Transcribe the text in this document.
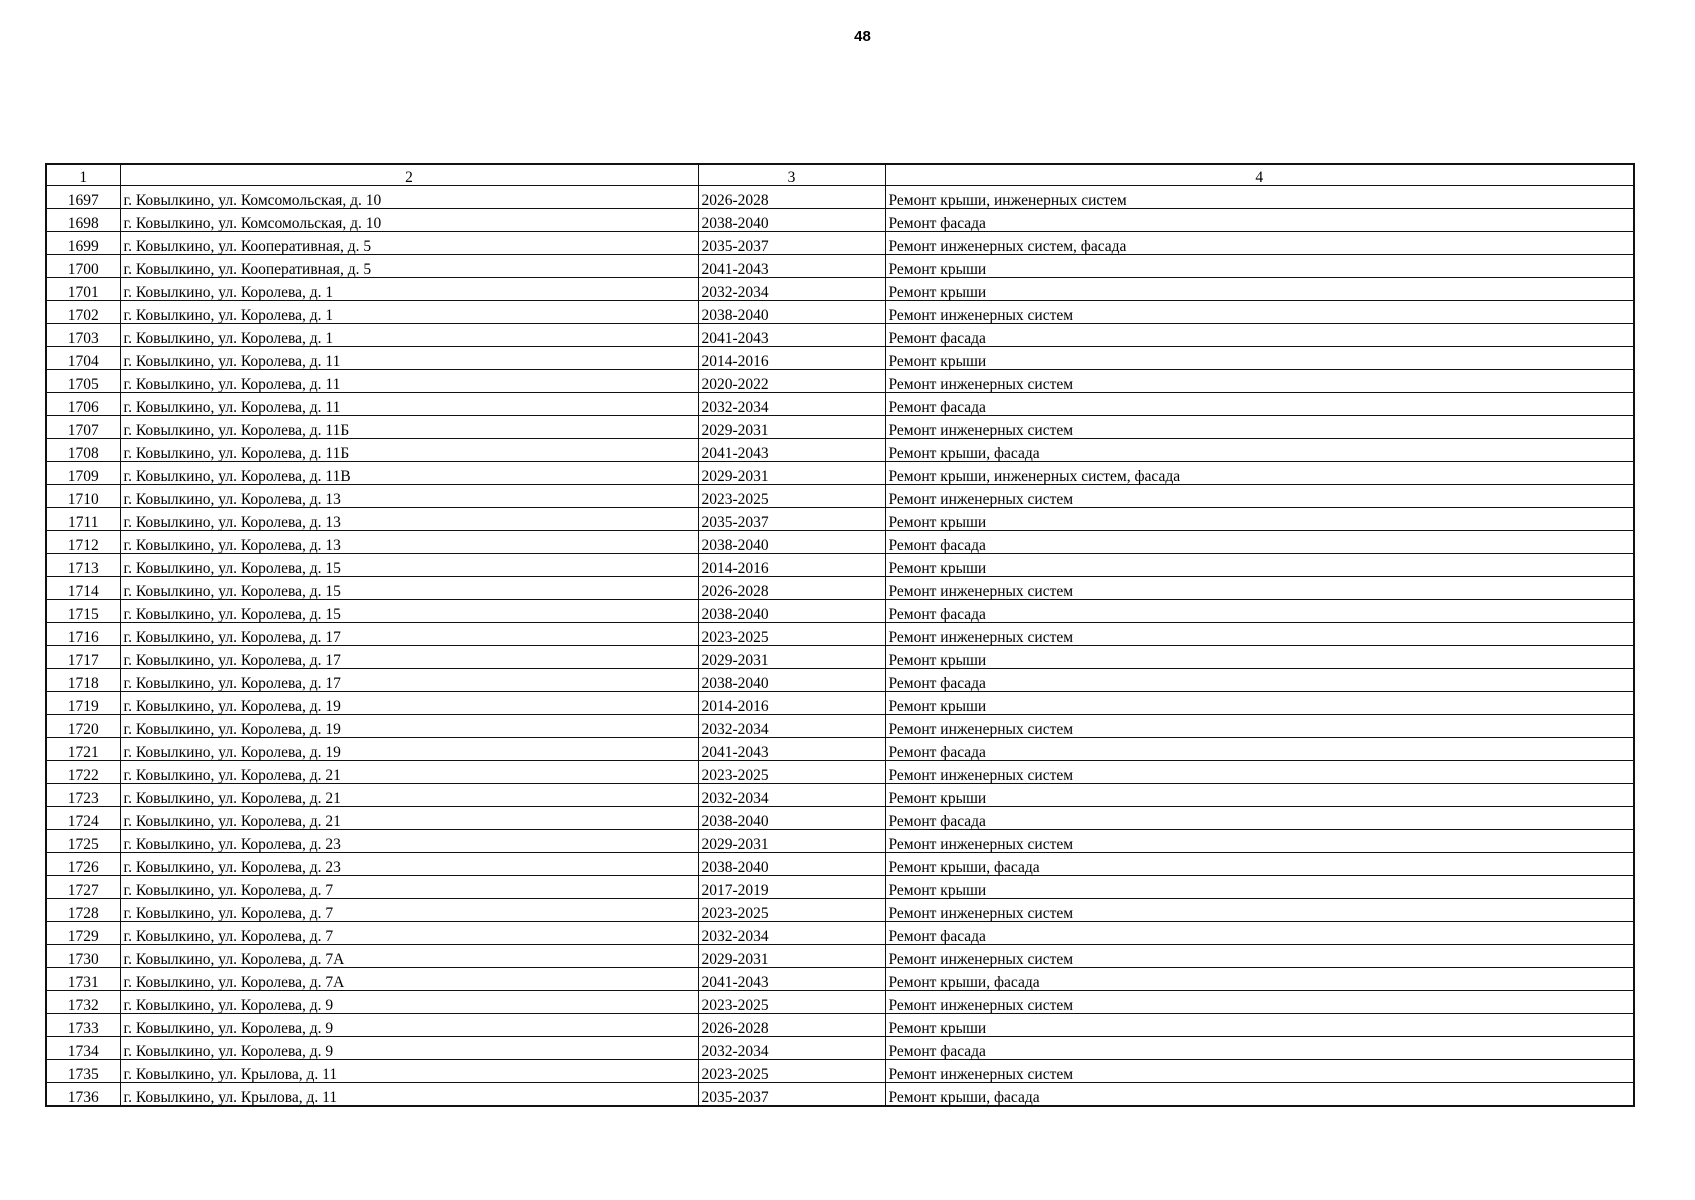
48
1	2	3	4
1697	г. Ковылкино, ул. Комсомольская, д. 10	2026-2028	Ремонт крыши, инженерных систем
1698	г. Ковылкино, ул. Комсомольская, д. 10	2038-2040	Ремонт фасада
1699	г. Ковылкино, ул. Кооперативная, д. 5	2035-2037	Ремонт инженерных систем, фасада
1700	г. Ковылкино, ул. Кооперативная, д. 5	2041-2043	Ремонт крыши
1701	г. Ковылкино, ул. Королева, д. 1	2032-2034	Ремонт крыши
1702	г. Ковылкино, ул. Королева, д. 1	2038-2040	Ремонт инженерных систем
1703	г. Ковылкино, ул. Королева, д. 1	2041-2043	Ремонт фасада
1704	г. Ковылкино, ул. Королева, д. 11	2014-2016	Ремонт крыши
1705	г. Ковылкино, ул. Королева, д. 11	2020-2022	Ремонт инженерных систем
1706	г. Ковылкино, ул. Королева, д. 11	2032-2034	Ремонт фасада
1707	г. Ковылкино, ул. Королева, д. 11Б	2029-2031	Ремонт инженерных систем
1708	г. Ковылкино, ул. Королева, д. 11Б	2041-2043	Ремонт крыши, фасада
1709	г. Ковылкино, ул. Королева, д. 11В	2029-2031	Ремонт крыши, инженерных систем, фасада
1710	г. Ковылкино, ул. Королева, д. 13	2023-2025	Ремонт инженерных систем
1711	г. Ковылкино, ул. Королева, д. 13	2035-2037	Ремонт крыши
1712	г. Ковылкино, ул. Королева, д. 13	2038-2040	Ремонт фасада
1713	г. Ковылкино, ул. Королева, д. 15	2014-2016	Ремонт крыши
1714	г. Ковылкино, ул. Королева, д. 15	2026-2028	Ремонт инженерных систем
1715	г. Ковылкино, ул. Королева, д. 15	2038-2040	Ремонт фасада
1716	г. Ковылкино, ул. Королева, д. 17	2023-2025	Ремонт инженерных систем
1717	г. Ковылкино, ул. Королева, д. 17	2029-2031	Ремонт крыши
1718	г. Ковылкино, ул. Королева, д. 17	2038-2040	Ремонт фасада
1719	г. Ковылкино, ул. Королева, д. 19	2014-2016	Ремонт крыши
1720	г. Ковылкино, ул. Королева, д. 19	2032-2034	Ремонт инженерных систем
1721	г. Ковылкино, ул. Королева, д. 19	2041-2043	Ремонт фасада
1722	г. Ковылкино, ул. Королева, д. 21	2023-2025	Ремонт инженерных систем
1723	г. Ковылкино, ул. Королева, д. 21	2032-2034	Ремонт крыши
1724	г. Ковылкино, ул. Королева, д. 21	2038-2040	Ремонт фасада
1725	г. Ковылкино, ул. Королева, д. 23	2029-2031	Ремонт инженерных систем
1726	г. Ковылкино, ул. Королева, д. 23	2038-2040	Ремонт крыши, фасада
1727	г. Ковылкино, ул. Королева, д. 7	2017-2019	Ремонт крыши
1728	г. Ковылкино, ул. Королева, д. 7	2023-2025	Ремонт инженерных систем
1729	г. Ковылкино, ул. Королева, д. 7	2032-2034	Ремонт фасада
1730	г. Ковылкино, ул. Королева, д. 7А	2029-2031	Ремонт инженерных систем
1731	г. Ковылкино, ул. Королева, д. 7А	2041-2043	Ремонт крыши, фасада
1732	г. Ковылкино, ул. Королева, д. 9	2023-2025	Ремонт инженерных систем
1733	г. Ковылкино, ул. Королева, д. 9	2026-2028	Ремонт крыши
1734	г. Ковылкино, ул. Королева, д. 9	2032-2034	Ремонт фасада
1735	г. Ковылкино, ул. Крылова, д. 11	2023-2025	Ремонт инженерных систем
1736	г. Ковылкино, ул. Крылова, д. 11	2035-2037	Ремонт крыши, фасада
